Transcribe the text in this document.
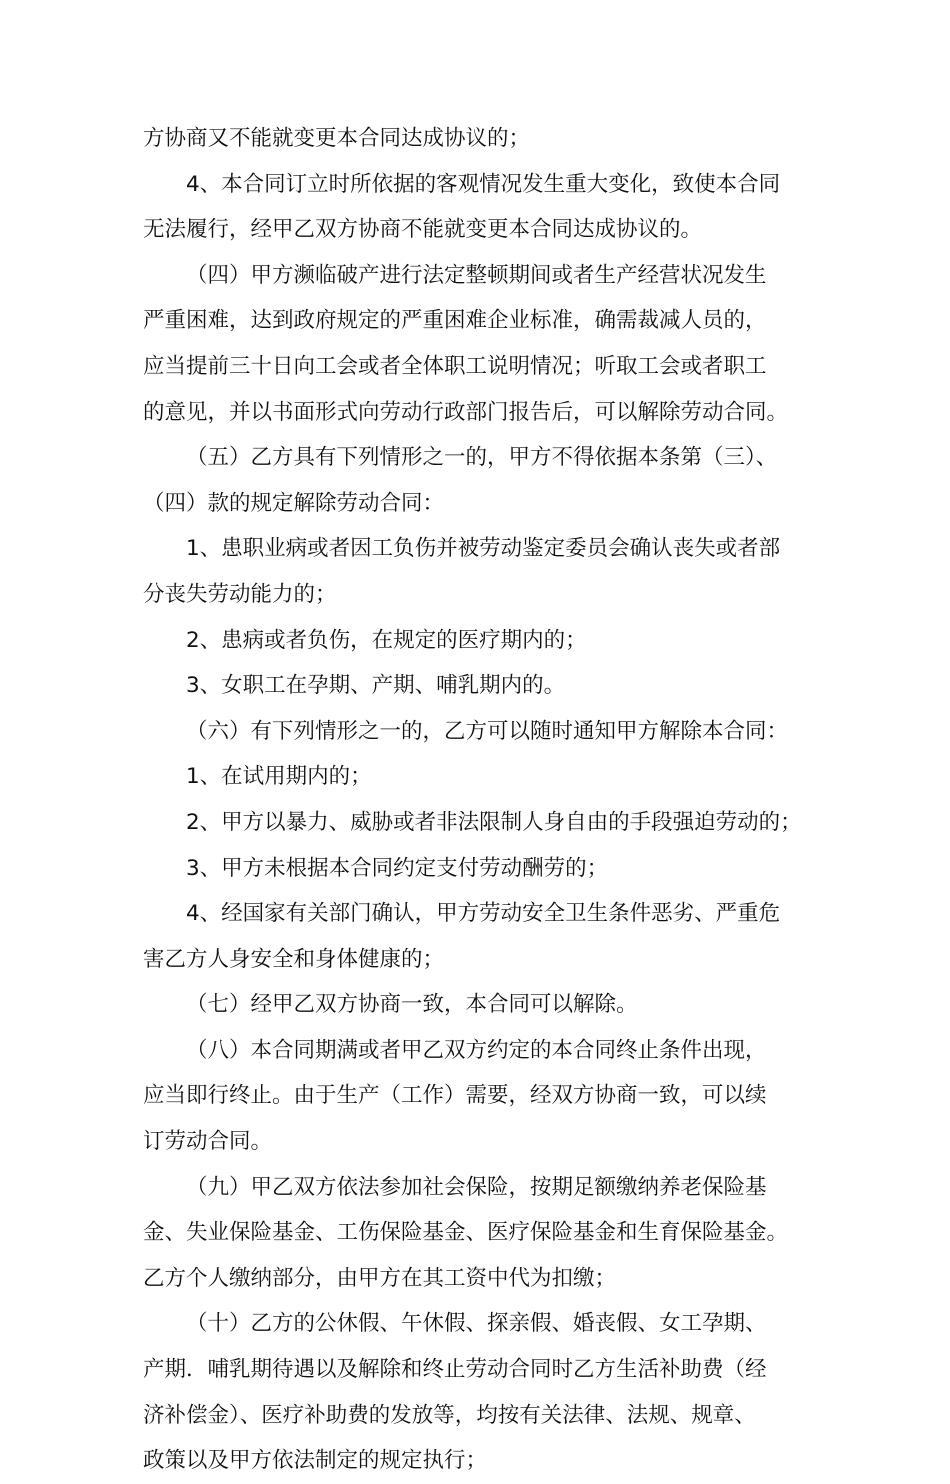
方协商又不能就变更本合同达成协议的；
4、本合同订立时所依据的客观情况发生重大变化，致使本合同
无法履行，经甲乙双方协商不能就变更本合同达成协议的。
（四）甲方濒临破产进行法定整顿期间或者生产经营状况发生
严重困难，达到政府规定的严重困难企业标准，确需裁减人员的，
应当提前三十日向工会或者全体职工说明情况；听取工会或者职工
的意见，并以书面形式向劳动行政部门报告后，可以解除劳动合同。
（五）乙方具有下列情形之一的，甲方不得依据本条第（三）、
（四）款的规定解除劳动合同：
1、患职业病或者因工负伤并被劳动鉴定委员会确认丧失或者部
分丧失劳动能力的；
2、患病或者负伤，在规定的医疗期内的；
3、女职工在孕期、产期、哺乳期内的。
（六）有下列情形之一的，乙方可以随时通知甲方解除本合同：
1、在试用期内的；
2、甲方以暴力、威胁或者非法限制人身自由的手段强迫劳动的；
3、甲方未根据本合同约定支付劳动酬劳的；
4、经国家有关部门确认，甲方劳动安全卫生条件恶劣、严重危
害乙方人身安全和身体健康的；
（七）经甲乙双方协商一致，本合同可以解除。
（八）本合同期满或者甲乙双方约定的本合同终止条件出现，
应当即行终止。由于生产（工作）需要，经双方协商一致，可以续
订劳动合同。
（九）甲乙双方依法参加社会保险，按期足额缴纳养老保险基
金、失业保险基金、工伤保险基金、医疗保险基金和生育保险基金。
乙方个人缴纳部分，由甲方在其工资中代为扣缴；
（十）乙方的公休假、午休假、探亲假、婚丧假、女工孕期、
产期．哺乳期待遇以及解除和终止劳动合同时乙方生活补助费（经
济补偿金）、医疗补助费的发放等，均按有关法律、法规、规章、
政策以及甲方依法制定的规定执行；
